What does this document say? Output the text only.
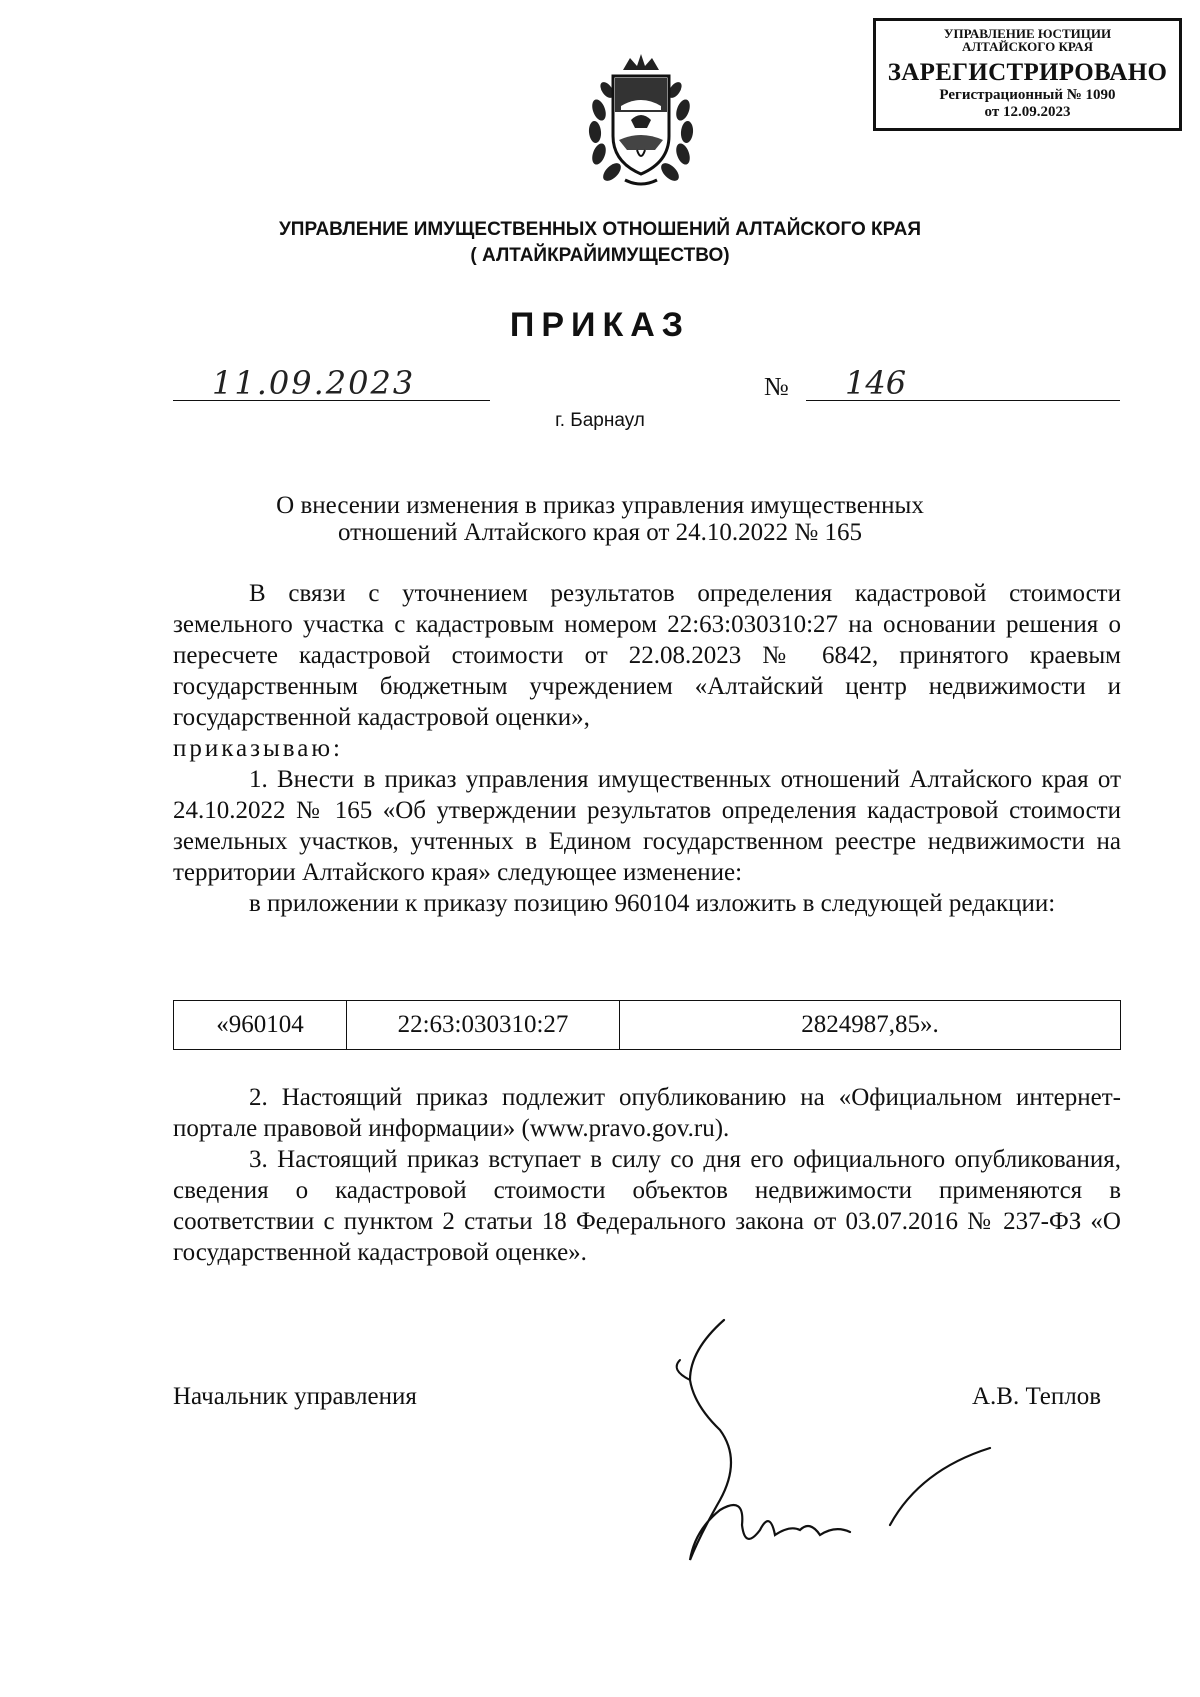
УПРАВЛЕНИЕ ЮСТИЦИИ
АЛТАЙСКОГО КРАЯ
ЗАРЕГИСТРИРОВАНО
Регистрационный № 1090
от 12.09.2023
УПРАВЛЕНИЕ ИМУЩЕСТВЕННЫХ ОТНОШЕНИЙ АЛТАЙСКОГО КРАЯ
( АЛТАЙКРАЙИМУЩЕСТВО)
ПРИКАЗ
11.09.2023	№ 146
г. Барнаул
О внесении изменения в приказ управления имущественных
отношений Алтайского края от 24.10.2022 № 165

В связи с уточнением результатов определения кадастровой стоимости земельного участка с кадастровым номером 22:63:030310:27 на основании решения о пересчете кадастровой стоимости от 22.08.2023 № 6842, принятого краевым государственным бюджетным учреждением «Алтайский центр недвижимости и государственной кадастровой оценки»,

приказываю:

1. Внести в приказ управления имущественных отношений Алтайского края от 24.10.2022 № 165 «Об утверждении результатов определения кадастровой стоимости земельных участков, учтенных в Едином государственном реестре недвижимости на территории Алтайского края» следующее изменение:

в приложении к приказу позицию 960104 изложить в следующей редакции:

«960104	22:63:030310:27	2824987,85».

2. Настоящий приказ подлежит опубликованию на «Официальном интернет-портале правовой информации» (www.pravo.gov.ru).

3. Настоящий приказ вступает в силу со дня его официального опубликования, сведения о кадастровой стоимости объектов недвижимости применяются в соответствии с пунктом 2 статьи 18 Федерального закона от 03.07.2016 № 237-ФЗ «О государственной кадастровой оценке».

Начальник управления	А.В. Теплов
